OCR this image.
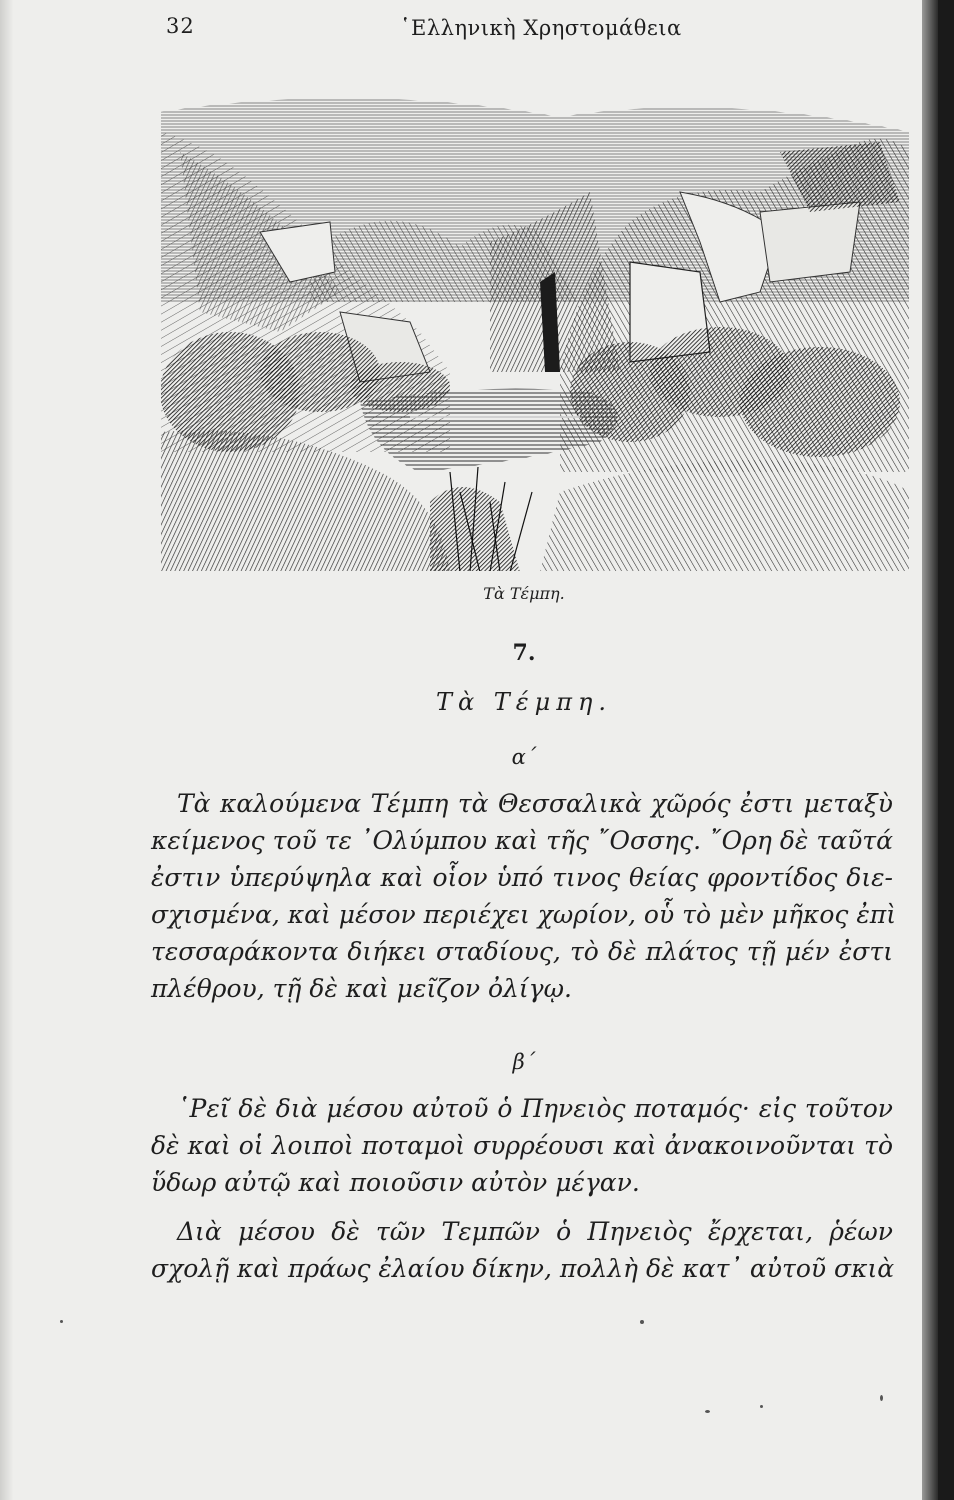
32	῾Ελληνικὴ Χρηστομάθεια
Τὰ Τέμπη.
7.
Τὰ Τέμπη.
α΄

Τὰ καλούμενα Τέμπη τὰ Θεσσαλικὰ χῶρός ἐστι μεταξὺ
κείμενος τοῦ τε ᾿Ολύμπου καὶ τῆς ῎Οσσης. ῎Ορη δὲ ταῦτά
ἐστιν ὑπερύψηλα καὶ οἷον ὑπό τινος θείας φροντίδος διε-
σχισμένα, καὶ μέσον περιέχει χωρίον, οὗ τὸ μὲν μῆκος ἐπὶ
τεσσαράκοντα διήκει σταδίους, τὸ δὲ πλάτος τῇ μέν ἐστι
πλέθρου, τῇ δὲ καὶ μεῖζον ὀλίγῳ.

β΄

῾Ρεῖ δὲ διὰ μέσου αὐτοῦ ὁ Πηνειὸς ποταμός· εἰς τοῦτον
δὲ καὶ οἱ λοιποὶ ποταμοὶ συρρέουσι καὶ ἀνακοινοῦνται τὸ
ὕδωρ αὐτῷ καὶ ποιοῦσιν αὐτὸν μέγαν.

Διὰ μέσου δὲ τῶν Τεμπῶν ὁ Πηνειὸς ἔρχεται, ῥέων
σχολῇ καὶ πράως ἐλαίου δίκην, πολλὴ δὲ κατ᾿ αὐτοῦ σκιὰ
